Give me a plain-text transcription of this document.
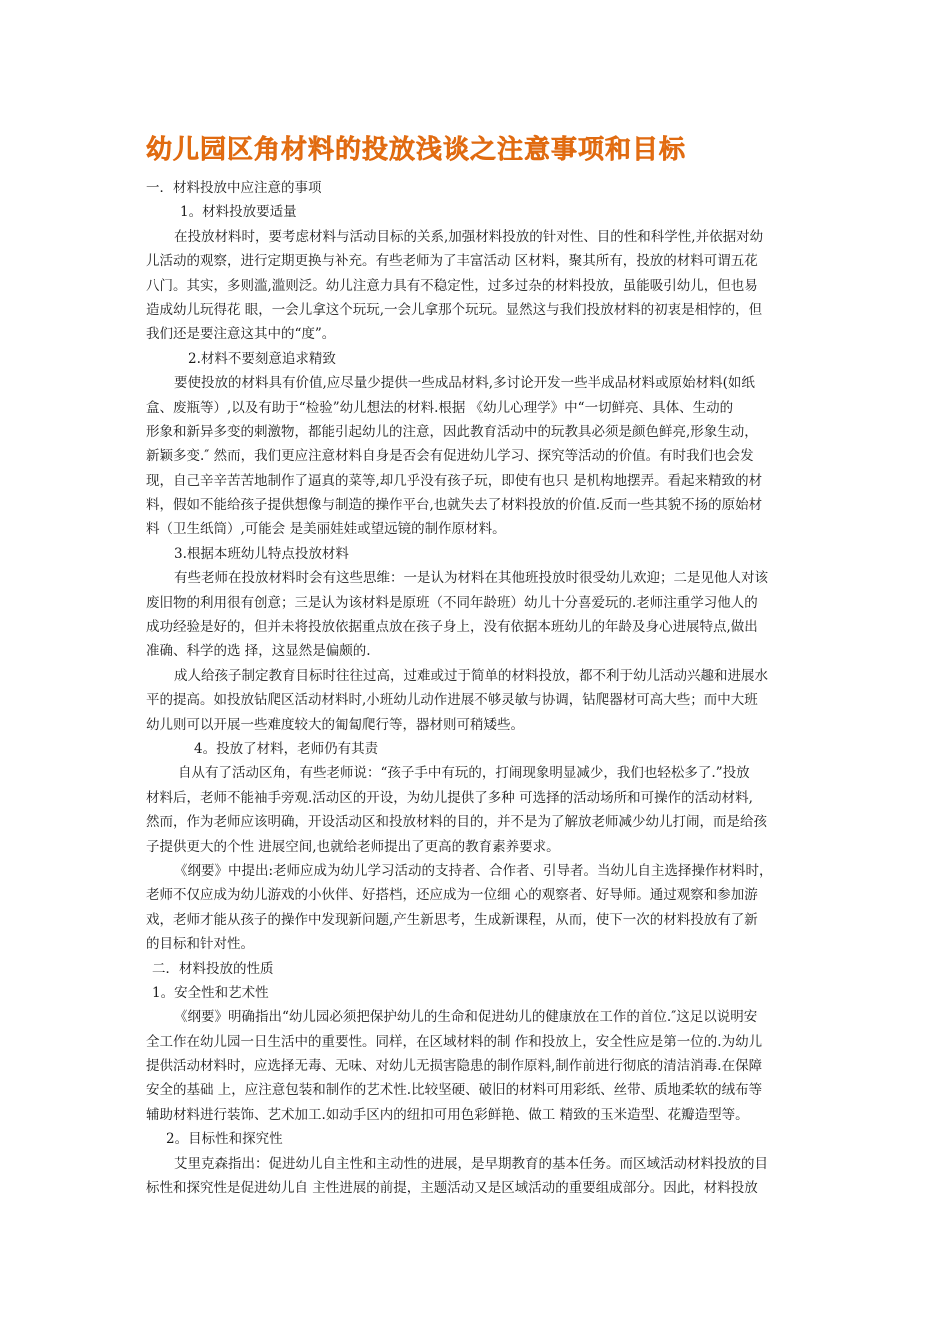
幼儿园区角材料的投放浅谈之注意事项和目标
一．材料投放中应注意的事项
1。材料投放要适量
在投放材料时，要考虑材料与活动目标的关系,加强材料投放的针对性、目的性和科学性,并依据对幼
儿活动的观察，进行定期更换与补充。有些老师为了丰富活动 区材料，聚其所有，投放的材料可谓五花
八门。其实，多则滥,滥则泛。幼儿注意力具有不稳定性，过多过杂的材料投放，虽能吸引幼儿，但也易
造成幼儿玩得花 眼，一会儿拿这个玩玩,一会儿拿那个玩玩。显然这与我们投放材料的初衷是相悖的，但
我们还是要注意这其中的“度”。
2.材料不要刻意追求精致
要使投放的材料具有价值,应尽量少提供一些成品材料,多讨论开发一些半成品材料或原始材料(如纸
盒、废瓶等）,以及有助于“检验”幼儿想法的材料.根据 《幼儿心理学》中“一切鲜亮、具体、生动的
形象和新异多变的刺激物，都能引起幼儿的注意，因此教育活动中的玩教具必须是颜色鲜亮,形象生动，
新颖多变.″ 然而，我们更应注意材料自身是否会有促进幼儿学习、探究等活动的价值。有时我们也会发
现，自己辛辛苦苦地制作了逼真的菜等,却几乎没有孩子玩，即使有也只 是机构地摆弄。看起来精致的材
料，假如不能给孩子提供想像与制造的操作平台,也就失去了材料投放的价值.反而一些其貌不扬的原始材
料（卫生纸筒）,可能会 是美丽娃娃或望远镜的制作原材料。
3.根据本班幼儿特点投放材料
有些老师在投放材料时会有这些思维：一是认为材料在其他班投放时很受幼儿欢迎；二是见他人对该
废旧物的利用很有创意；三是认为该材料是原班（不同年龄班）幼儿十分喜爱玩的.老师注重学习他人的
成功经验是好的，但并未将投放依据重点放在孩子身上，没有依据本班幼儿的年龄及身心进展特点,做出
准确、科学的选 择，这显然是偏颇的.
成人给孩子制定教育目标时往往过高，过难或过于简单的材料投放，都不利于幼儿活动兴趣和进展水
平的提高。如投放钻爬区活动材料时,小班幼儿动作进展不够灵敏与协调，钻爬器材可高大些；而中大班
幼儿则可以开展一些难度较大的匍匐爬行等，器材则可稍矮些。
4。投放了材料，老师仍有其责
自从有了活动区角，有些老师说：“孩子手中有玩的，打闹现象明显减少，我们也轻松多了.”投放
材料后，老师不能袖手旁观.活动区的开设，为幼儿提供了多种 可选择的活动场所和可操作的活动材料,
然而，作为老师应该明确，开设活动区和投放材料的目的，并不是为了解放老师减少幼儿打闹，而是给孩
子提供更大的个性 进展空间,也就给老师提出了更高的教育素养要求。
《纲要》中提出:老师应成为幼儿学习活动的支持者、合作者、引导者。当幼儿自主选择操作材料时，
老师不仅应成为幼儿游戏的小伙伴、好搭档，还应成为一位细 心的观察者、好导师。通过观察和参加游
戏，老师才能从孩子的操作中发现新问题,产生新思考，生成新课程，从而，使下一次的材料投放有了新
的目标和针对性。
二．材料投放的性质
1。安全性和艺术性
《纲要》明确指出“幼儿园必须把保护幼儿的生命和促进幼儿的健康放在工作的首位.″这足以说明安
全工作在幼儿园一日生活中的重要性。同样，在区域材料的制 作和投放上，安全性应是第一位的.为幼儿
提供活动材料时，应选择无毒、无味、对幼儿无损害隐患的制作原料,制作前进行彻底的清洁消毒.在保障
安全的基础 上，应注意包装和制作的艺术性.比较坚硬、破旧的材料可用彩纸、丝带、质地柔软的绒布等
辅助材料进行装饰、艺术加工.如动手区内的纽扣可用色彩鲜艳、做工 精致的玉米造型、花瓣造型等。
2。目标性和探究性
艾里克森指出：促进幼儿自主性和主动性的进展，是早期教育的基本任务。而区域活动材料投放的目
标性和探究性是促进幼儿自 主性进展的前提，主题活动又是区域活动的重要组成部分。因此，材料投放
